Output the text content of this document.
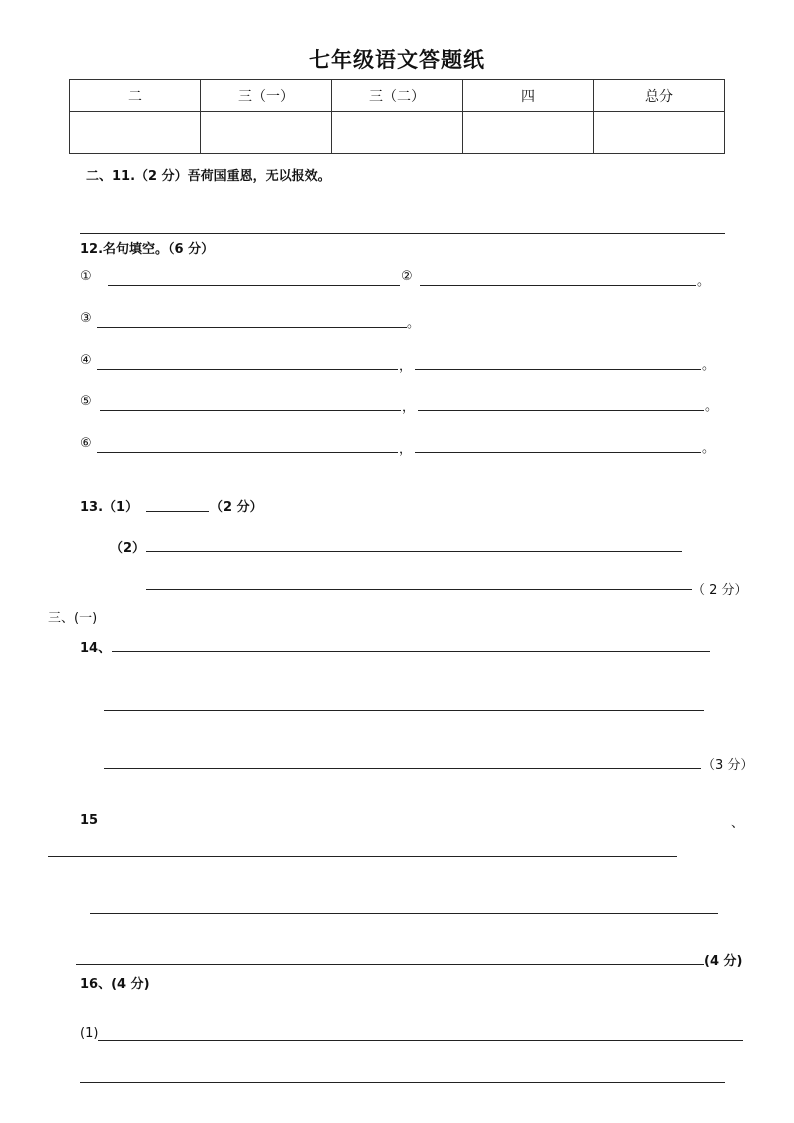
七年级语文答题纸
二	三（一）	三（二）	四	总分

二、11.（2 分）吾荷国重恩，无以报效。
12.名句填空。（6 分）
①	②	。
③	。
④	，	。
⑤	，	。
⑥	，	。
13.（1）	（2 分）
（2）
（ 2 分）
三、(一)
14、
（3 分）
15	、
(4 分)
16、(4 分)
(1)
